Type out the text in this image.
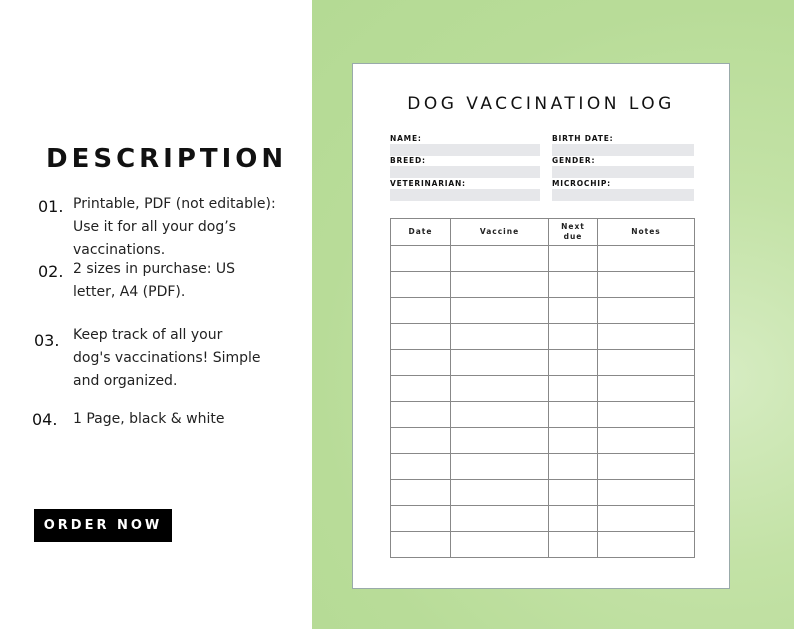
DESCRIPTION
01. Printable, PDF (not editable): Use it for all your dog’s vaccinations.
02. 2 sizes in purchase: US letter, A4 (PDF).
03. Keep track of all your dog's vaccinations! Simple and organized.
04. 1 Page, black & white
ORDER NOW
DOG VACCINATION LOG
NAME:	BIRTH DATE:
BREED:	GENDER:
VETERINARIAN:	MICROCHIP:
Date	Vaccine	Next due	Notes
